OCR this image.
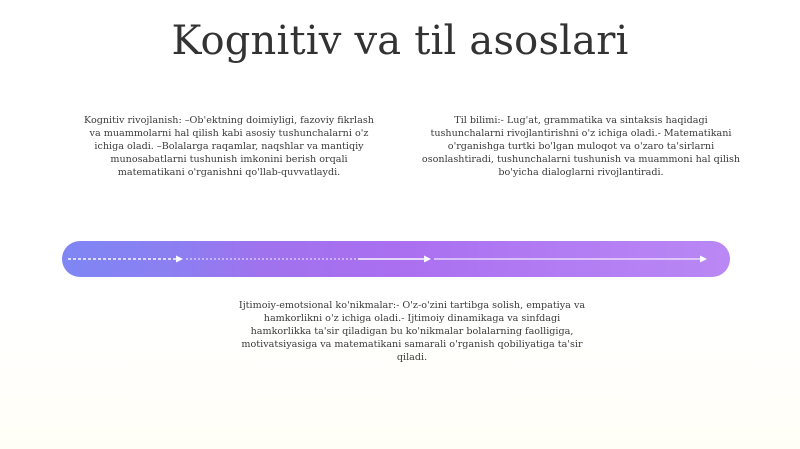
Kognitiv va til asoslari
Kognitiv rivojlanish: –Ob'ektning doimiyligi, fazoviy fikrlash va muammolarni hal qilish kabi asosiy tushunchalarni o'z ichiga oladi. –Bolalarga raqamlar, naqshlar va mantiqiy munosabatlarni tushunish imkonini berish orqali matematikani o'rganishni qo'llab-quvvatlaydi.
Til bilimi:- Lug'at, grammatika va sintaksis haqidagi tushunchalarni rivojlantirishni o'z ichiga oladi.- Matematikani o'rganishga turtki bo'lgan muloqot va o'zaro ta'sirlarni osonlashtiradi, tushunchalarni tushunish va muammoni hal qilish bo'yicha dialoglarni rivojlantiradi.
Ijtimoiy-emotsional ko'nikmalar:- O'z-o'zini tartibga solish, empatiya va hamkorlikni o'z ichiga oladi.- Ijtimoiy dinamikaga va sinfdagi hamkorlikka ta'sir qiladigan bu ko'nikmalar bolalarning faolligiga, motivatsiyasiga va matematikani samarali o'rganish qobiliyatiga ta'sir qiladi.
